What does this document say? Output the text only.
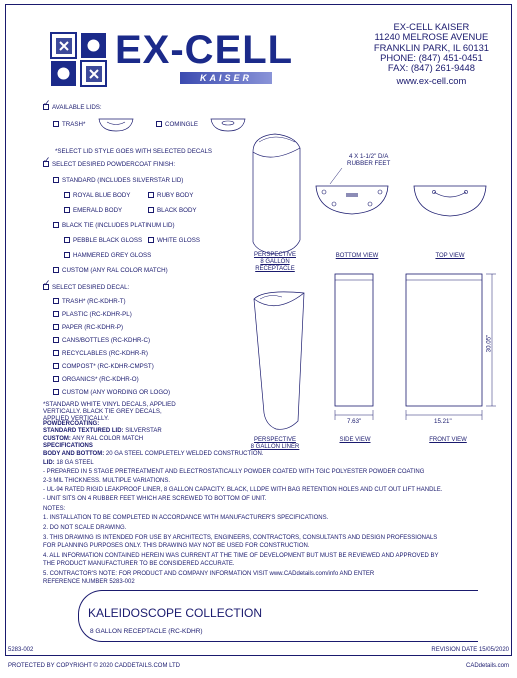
EX-CELL
KAISER
EX-CELL KAISER
11240 MELROSE AVENUE
FRANKLIN PARK, IL 60131
PHONE: (847) 451-0451
FAX: (847) 261-9448
www.ex-cell.com
✓AVAILABLE LIDS:
TRASH*	COMINGLE
*SELECT LID STYLE GOES WITH SELECTED DECALS
✓SELECT DESIRED POWDERCOAT FINISH:
STANDARD (INCLUDES SILVERSTAR LID)
ROYAL BLUE BODY	RUBY BODY
EMERALD BODY	BLACK BODY
BLACK TIE (INCLUDES PLATINUM LID)
PEBBLE BLACK GLOSS	WHITE GLOSS
HAMMERED GREY GLOSS
CUSTOM (ANY RAL COLOR MATCH)
✓SELECT DESIRED DECAL:
TRASH* (RC-KDHR-T)
PLASTIC (RC-KDHR-PL)
PAPER (RC-KDHR-P)
CANS/BOTTLES (RC-KDHR-C)
RECYCLABLES (RC-KDHR-R)
COMPOST* (RC-KDHR-CMPST)
ORGANICS* (RC-KDHR-O)
CUSTOM (ANY WORDING OR LOGO)
*STANDARD WHITE VINYL DECALS, APPLIED
VERTICALLY. BLACK TIE GREY DECALS,
APPLIED VERTICALLY.
PERSPECTIVE
8 GALLON
RECEPTACLE
4 X 1-1/2" D/A
RUBBER FEET
BOTTOM VIEW	TOP VIEW
PERSPECTIVE
8 GALLON LINER
7.63"
SIDE VIEW
30.05"
15.21"
FRONT VIEW
POWDERCOATING:
STANDARD TEXTURED LID: SILVERSTAR
CUSTOM: ANY RAL COLOR MATCH
SPECIFICATIONS
BODY AND BOTTOM: 20 GA STEEL COMPLETELY WELDED CONSTRUCTION.
LID: 18 GA STEEL
- PREPARED IN 5 STAGE PRETREATMENT AND ELECTROSTATICALLY POWDER COATED WITH TGIC POLYESTER POWDER COATING
2-3 MIL THICKNESS. MULTIPLE VARIATIONS.
- UL-94 RATED RIGID LEAKPROOF LINER, 8 GALLON CAPACITY. BLACK, LLDPE WITH BAG RETENTION HOLES AND CUT OUT LIFT HANDLE.
- UNIT SITS ON 4 RUBBER FEET WHICH ARE SCREWED TO BOTTOM OF UNIT.
NOTES:
1. INSTALLATION TO BE COMPLETED IN ACCORDANCE WITH MANUFACTURER'S SPECIFICATIONS.
2. DO NOT SCALE DRAWING.
3. THIS DRAWING IS INTENDED FOR USE BY ARCHITECTS, ENGINEERS, CONTRACTORS, CONSULTANTS AND DESIGN PROFESSIONALS
FOR PLANNING PURPOSES ONLY. THIS DRAWING MAY NOT BE USED FOR CONSTRUCTION.
4. ALL INFORMATION CONTAINED HEREIN WAS CURRENT AT THE TIME OF DEVELOPMENT BUT MUST BE REVIEWED AND APPROVED BY
THE PRODUCT MANUFACTURER TO BE CONSIDERED ACCURATE.
5. CONTRACTOR'S NOTE: FOR PRODUCT AND COMPANY INFORMATION VISIT www.CADdetails.com/info AND ENTER
REFERENCE NUMBER 5283-002
KALEIDOSCOPE COLLECTION
8 GALLON RECEPTACLE (RC-KDHR)
5283-002	REVISION DATE 15/05/2020
PROTECTED BY COPYRIGHT © 2020 CADDETAILS.COM LTD	CADdetails.com
